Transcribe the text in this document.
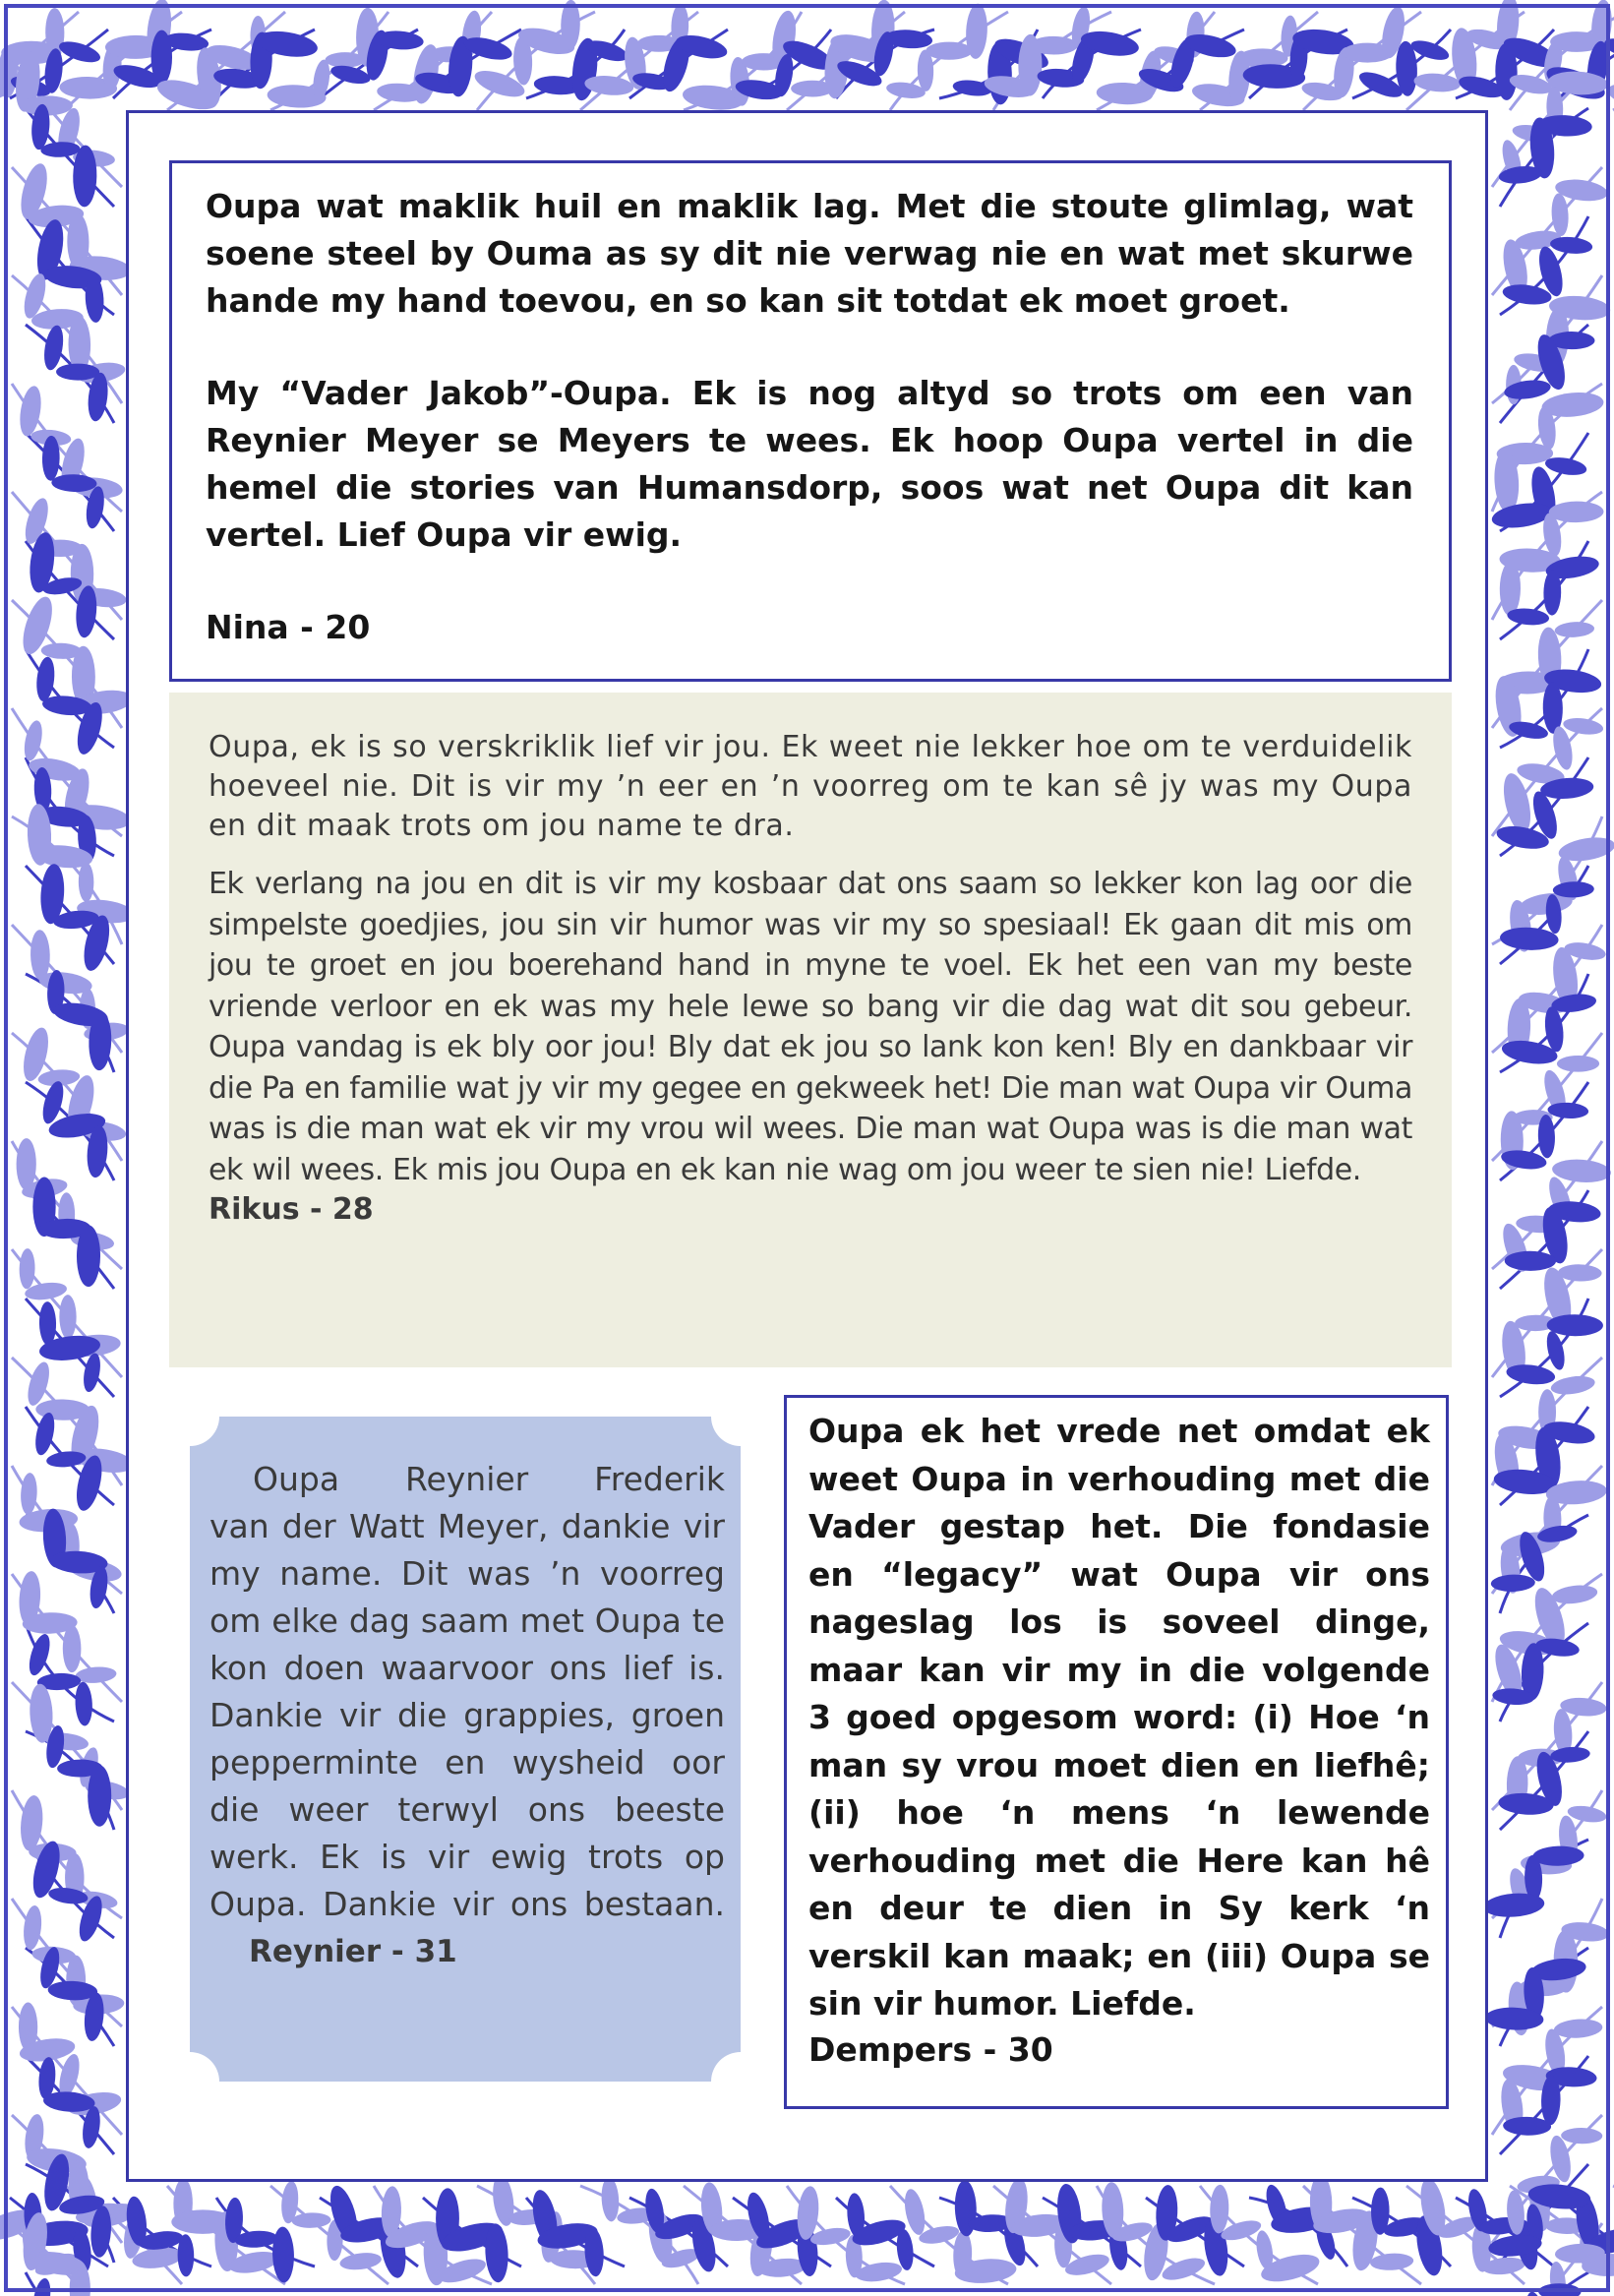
Oupa wat maklik huil en maklik lag. Met die stoute glimlag, wat soene steel by Ouma as sy dit nie verwag nie en wat met skurwe hande my hand toevou, en so kan sit totdat ek moet groet.

My “Vader Jakob”-Oupa. Ek is nog altyd so trots om een van Reynier Meyer se Meyers te wees. Ek hoop Oupa vertel in die hemel die stories van Humansdorp, soos wat net Oupa dit kan vertel. Lief Oupa vir ewig.

Nina - 20

Oupa, ek is so verskriklik lief vir jou. Ek weet nie lekker hoe om te verduidelik hoeveel nie. Dit is vir my ’n eer en ’n voorreg om te kan sê jy was my Oupa en dit maak trots om jou name te dra.

Ek verlang na jou en dit is vir my kosbaar dat ons saam so lekker kon lag oor die simpelste goedjies, jou sin vir humor was vir my so spesiaal! Ek gaan dit mis om jou te groet en jou boerehand hand in myne te voel. Ek het een van my beste vriende verloor en ek was my hele lewe so bang vir die dag wat dit sou gebeur. Oupa vandag is ek bly oor jou! Bly dat ek jou so lank kon ken! Bly en dankbaar vir die Pa en familie wat jy vir my gegee en gekweek het! Die man wat Oupa vir Ouma was is die man wat ek vir my vrou wil wees. Die man wat Oupa was is die man wat ek wil wees. Ek mis jou Oupa en ek kan nie wag om jou weer te sien nie! Liefde.

Rikus - 28

Oupa Reynier Frederik

van der Watt Meyer, dankie vir my name. Dit was ’n voorreg om elke dag saam met Oupa te kon doen waarvoor ons lief is. Dankie vir die grappies, groen pepperminte en wysheid oor die weer terwyl ons beeste werk. Ek is vir ewig trots op Oupa. Dankie vir ons bestaan.

Reynier - 31

Oupa ek het vrede net omdat ek weet Oupa in verhouding met die Vader gestap het. Die fondasie en “legacy” wat Oupa vir ons nageslag los is soveel dinge, maar kan vir my in die volgende 3 goed opgesom word: (i) Hoe ‘n man sy vrou moet dien en liefhê; (ii) hoe ‘n mens ‘n lewende verhouding met die Here kan hê en deur te dien in Sy kerk ‘n verskil kan maak; en (iii) Oupa se sin vir humor. Liefde.

Dempers - 30
